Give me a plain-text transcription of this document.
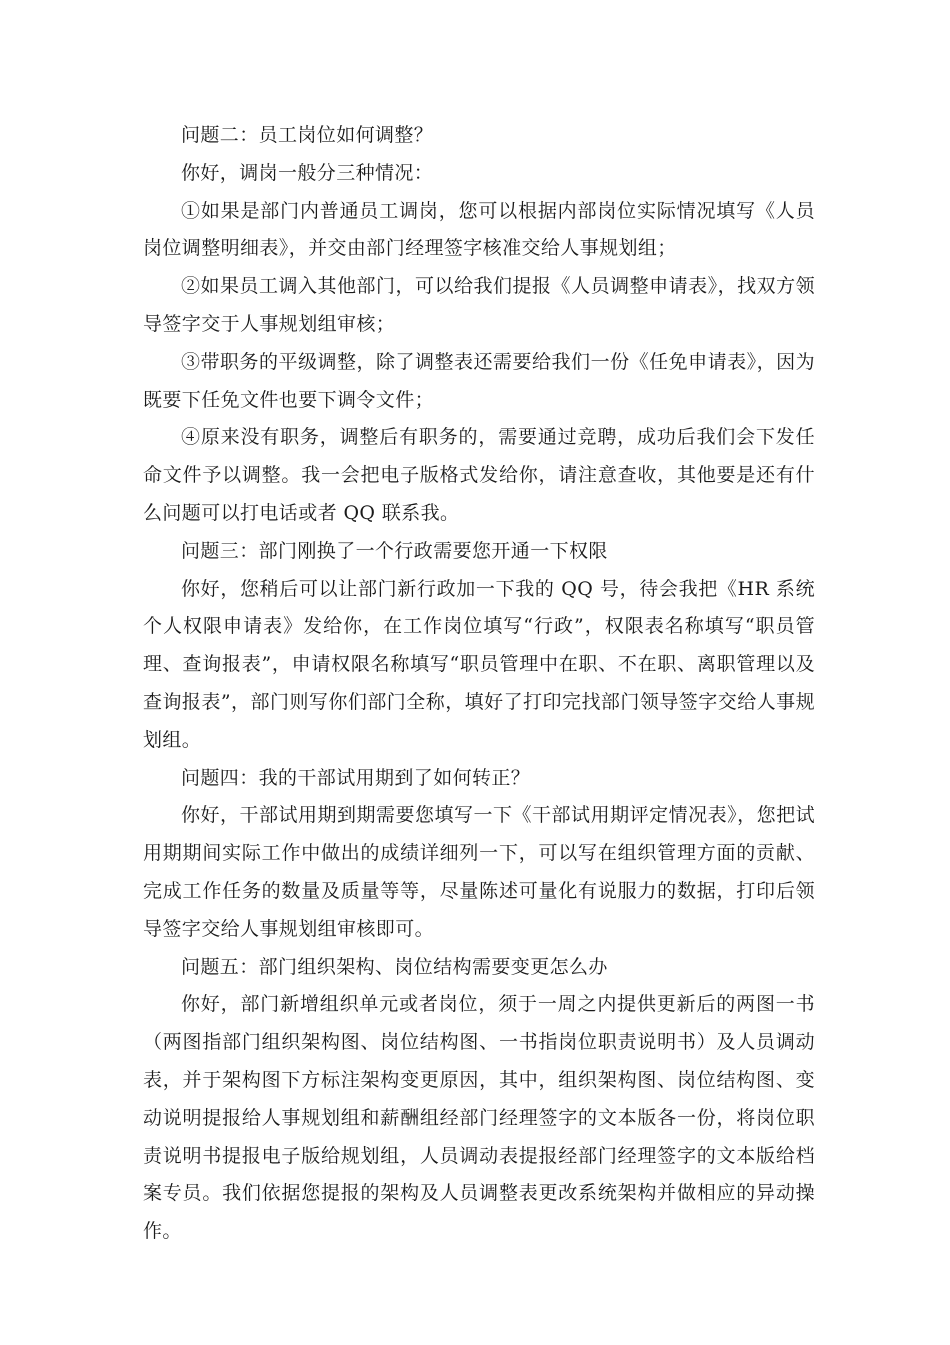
问题二：员工岗位如何调整？

你好，调岗一般分三种情况：

①如果是部门内普通员工调岗，您可以根据内部岗位实际情况填写《人员岗位调整明细表》，并交由部门经理签字核准交给人事规划组；

②如果员工调入其他部门，可以给我们提报《人员调整申请表》，找双方领导签字交于人事规划组审核；

③带职务的平级调整，除了调整表还需要给我们一份《任免申请表》，因为既要下任免文件也要下调令文件；

④原来没有职务，调整后有职务的，需要通过竞聘，成功后我们会下发任命文件予以调整。我一会把电子版格式发给你，请注意查收，其他要是还有什么问题可以打电话或者 QQ 联系我。

问题三：部门刚换了一个行政需要您开通一下权限

你好，您稍后可以让部门新行政加一下我的 QQ 号，待会我把《HR 系统个人权限申请表》发给你，在工作岗位填写“行政”，权限表名称填写“职员管理、查询报表”，申请权限名称填写“职员管理中在职、不在职、离职管理以及查询报表”，部门则写你们部门全称，填好了打印完找部门领导签字交给人事规划组。

问题四：我的干部试用期到了如何转正？

你好，干部试用期到期需要您填写一下《干部试用期评定情况表》，您把试用期期间实际工作中做出的成绩详细列一下，可以写在组织管理方面的贡献、完成工作任务的数量及质量等等，尽量陈述可量化有说服力的数据，打印后领导签字交给人事规划组审核即可。

问题五：部门组织架构、岗位结构需要变更怎么办

你好，部门新增组织单元或者岗位，须于一周之内提供更新后的两图一书（两图指部门组织架构图、岗位结构图、一书指岗位职责说明书）及人员调动表，并于架构图下方标注架构变更原因，其中，组织架构图、岗位结构图、变动说明提报给人事规划组和薪酬组经部门经理签字的文本版各一份，将岗位职责说明书提报电子版给规划组，人员调动表提报经部门经理签字的文本版给档案专员。我们依据您提报的架构及人员调整表更改系统架构并做相应的异动操作。
